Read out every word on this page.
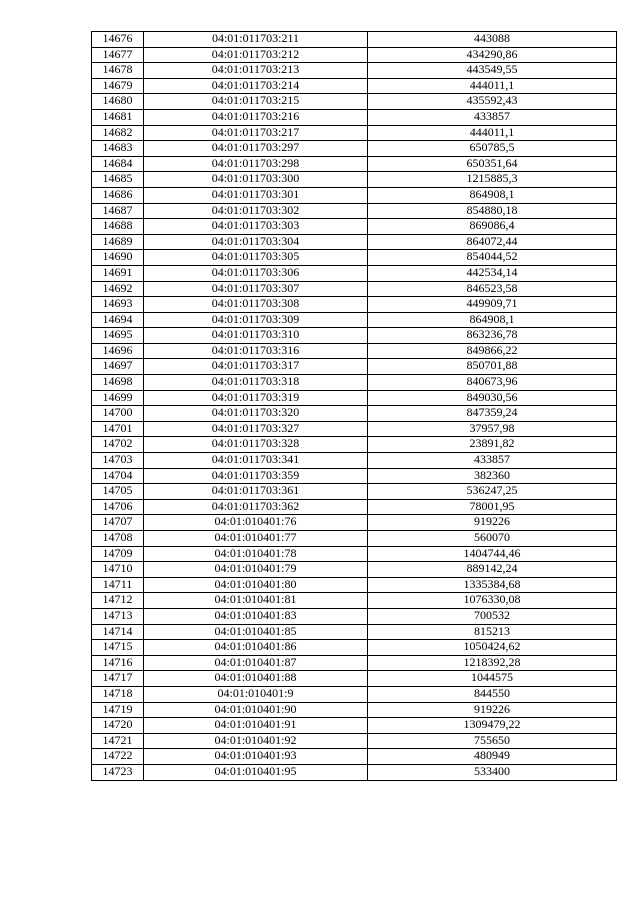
14676	04:01:011703:211	443088
14677	04:01:011703:212	434290,86
14678	04:01:011703:213	443549,55
14679	04:01:011703:214	444011,1
14680	04:01:011703:215	435592,43
14681	04:01:011703:216	433857
14682	04:01:011703:217	444011,1
14683	04:01:011703:297	650785,5
14684	04:01:011703:298	650351,64
14685	04:01:011703:300	1215885,3
14686	04:01:011703:301	864908,1
14687	04:01:011703:302	854880,18
14688	04:01:011703:303	869086,4
14689	04:01:011703:304	864072,44
14690	04:01:011703:305	854044,52
14691	04:01:011703:306	442534,14
14692	04:01:011703:307	846523,58
14693	04:01:011703:308	449909,71
14694	04:01:011703:309	864908,1
14695	04:01:011703:310	863236,78
14696	04:01:011703:316	849866,22
14697	04:01:011703:317	850701,88
14698	04:01:011703:318	840673,96
14699	04:01:011703:319	849030,56
14700	04:01:011703:320	847359,24
14701	04:01:011703:327	37957,98
14702	04:01:011703:328	23891,82
14703	04:01:011703:341	433857
14704	04:01:011703:359	382360
14705	04:01:011703:361	536247,25
14706	04:01:011703:362	78001,95
14707	04:01:010401:76	919226
14708	04:01:010401:77	560070
14709	04:01:010401:78	1404744,46
14710	04:01:010401:79	889142,24
14711	04:01:010401:80	1335384,68
14712	04:01:010401:81	1076330,08
14713	04:01:010401:83	700532
14714	04:01:010401:85	815213
14715	04:01:010401:86	1050424,62
14716	04:01:010401:87	1218392,28
14717	04:01:010401:88	1044575
14718	04:01:010401:9	844550
14719	04:01:010401:90	919226
14720	04:01:010401:91	1309479,22
14721	04:01:010401:92	755650
14722	04:01:010401:93	480949
14723	04:01:010401:95	533400
